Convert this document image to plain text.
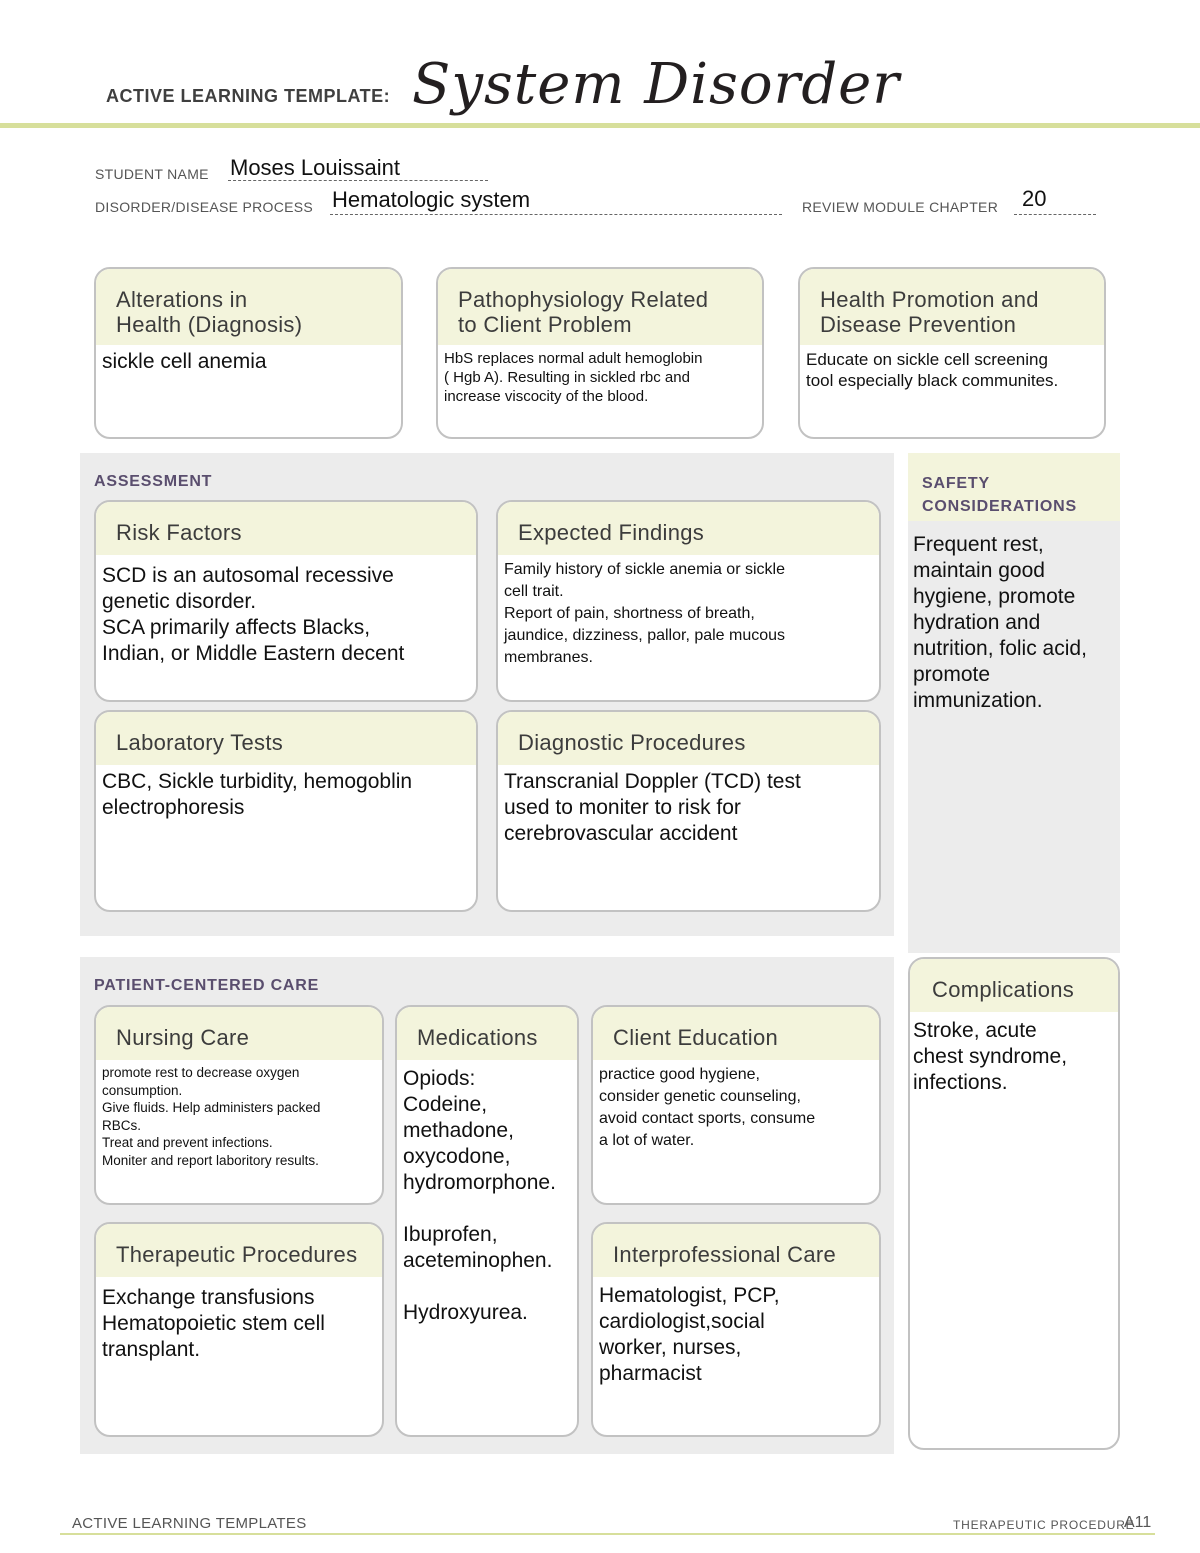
ACTIVE LEARNING TEMPLATE: System Disorder
STUDENT NAME Moses Louissaint
DISORDER/DISEASE PROCESS Hematologic system	REVIEW MODULE CHAPTER 20
Alterations in
Health (Diagnosis)
sickle cell anemia
Pathophysiology Related
to Client Problem
HbS replaces normal adult hemoglobin
( Hgb A). Resulting in sickled rbc and
increase viscocity of the blood.
Health Promotion and
Disease Prevention
Educate on sickle cell screening
tool especially black communites.
ASSESSMENT
Risk Factors
SCD is an autosomal recessive
genetic disorder.
SCA primarily affects Blacks,
Indian, or Middle Eastern decent
Expected Findings
Family history of sickle anemia or sickle
cell trait.
Report of pain, shortness of breath,
jaundice, dizziness, pallor, pale mucous
membranes.
Laboratory Tests
CBC, Sickle turbidity, hemogoblin
electrophoresis
Diagnostic Procedures
Transcranial Doppler (TCD) test
used to moniter to risk for
cerebrovascular accident
SAFETY
CONSIDERATIONS
Frequent rest,
maintain good
hygiene, promote
hydration and
nutrition, folic acid,
promote
immunization.
PATIENT-CENTERED CARE
Nursing Care
promote rest to decrease oxygen
consumption.
Give fluids. Help administers packed
RBCs.
Treat and prevent infections.
Moniter and report laboritory results.
Medications
Opiods:
Codeine,
methadone,
oxycodone,
hydromorphone.

Ibuprofen,
aceteminophen.

Hydroxyurea.
Client Education
practice good hygiene,
consider genetic counseling,
avoid contact sports, consume
a lot of water.
Therapeutic Procedures
Exchange transfusions
Hematopoietic stem cell
transplant.
Interprofessional Care
Hematologist, PCP,
cardiologist,social
worker, nurses,
pharmacist
Complications
Stroke, acute
chest syndrome,
infections.
ACTIVE LEARNING TEMPLATES	THERAPEUTIC PROCEDURE
A11
